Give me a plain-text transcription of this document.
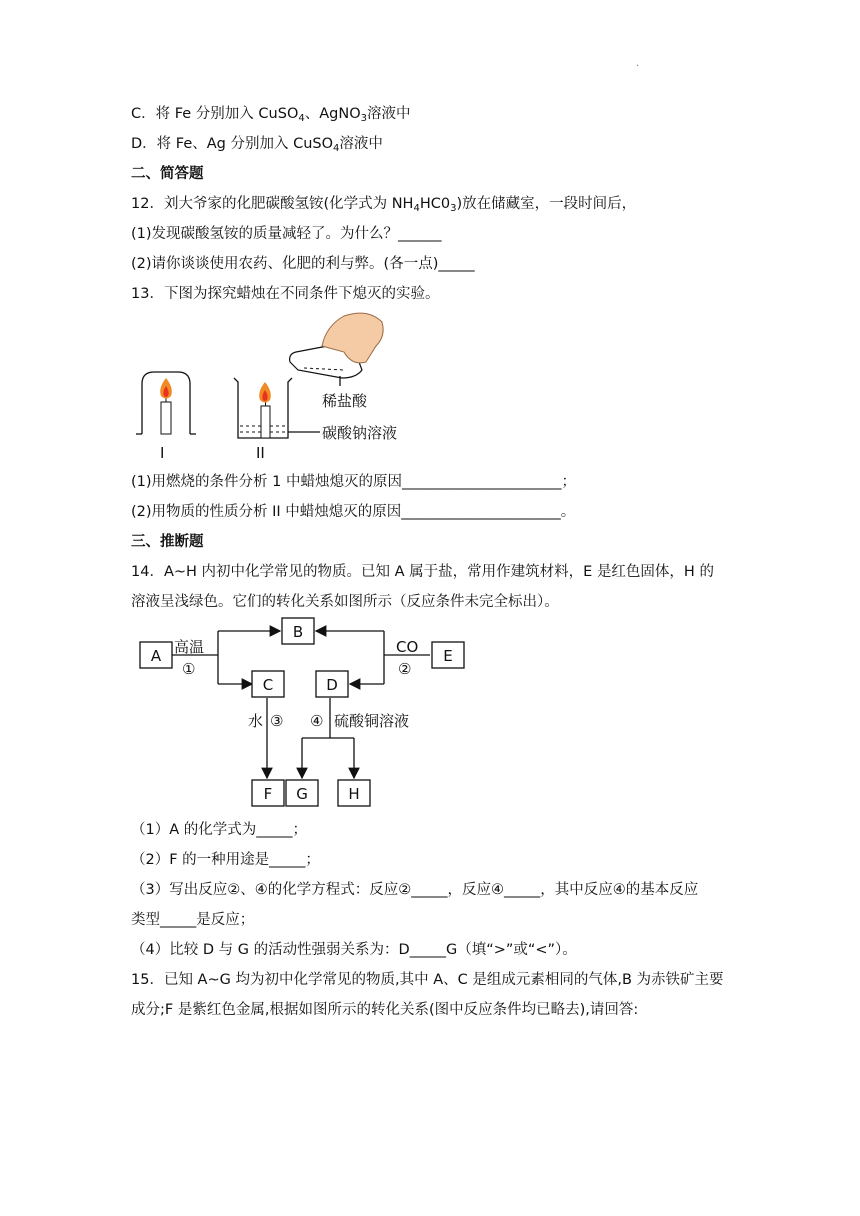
.
C．将 Fe 分别加入 CuSO$_4$、AgNO$_3$溶液中
D．将 Fe、Ag 分别加入 CuSO$_4$溶液中
二、简答题
12．刘大爷家的化肥碳酸氢铵(化学式为 $NH_4HC0_3$)放在储藏室，一段时间后，
(1)发现碳酸氢铵的质量减轻了。为什么？______
(2)请你谈谈使用农药、化肥的利与弊。(各一点)_____
13．下图为探究蜡烛在不同条件下熄灭的实验。
I	II
稀盐酸
碳酸钠溶液
(1)用燃烧的条件分析 1 中蜡烛熄灭的原因______________________；
(2)用物质的性质分析 II 中蜡烛熄灭的原因______________________。
三、推断题
14．A~H 内初中化学常见的物质。已知 A 属于盐，常用作建筑材料，E 是红色固体，H 的
溶液呈浅绿色。它们的转化关系如图所示（反应条件未完全标出）。
A
B
C	D
E
F G	H
高温
①
CO
②
水 ③ ④ 硫酸铜溶液
（1）A 的化学式为_____；
（2）F 的一种用途是_____；
（3）写出反应②、④的化学方程式：反应②_____，反应④_____，其中反应④的基本反应
类型_____是反应；
（4）比较 D 与 G 的活动性强弱关系为：D_____G（填“>”或“<”）。
15．已知 A~G 均为初中化学常见的物质,其中 A、C 是组成元素相同的气体,B 为赤铁矿主要
成分;F 是紫红色金属,根据如图所示的转化关系(图中反应条件均已略去),请回答:
